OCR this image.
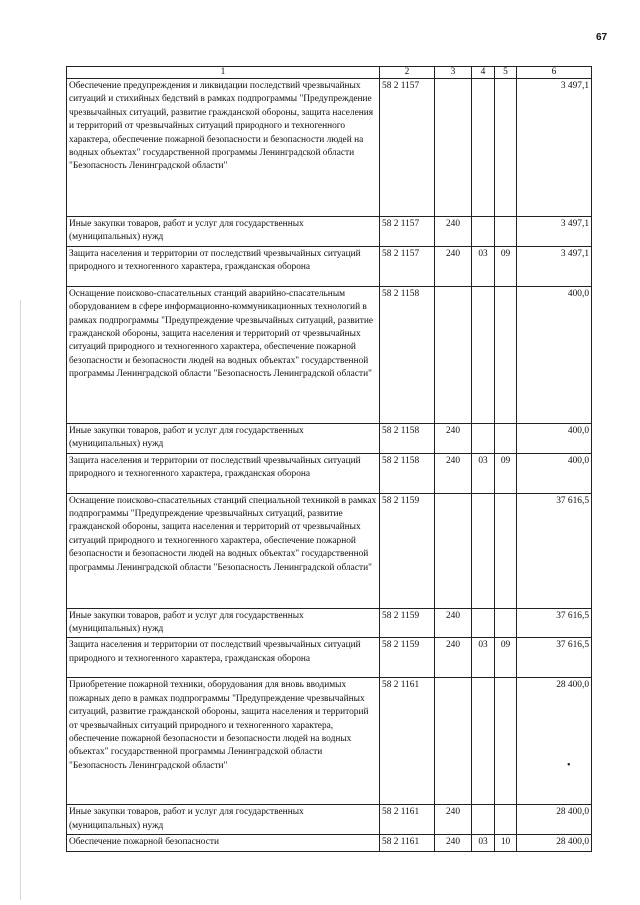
67
1	2	3	4	5	6
Обеспечение предупреждения и ликвидации последствий чрезвычайных ситуаций и стихийных бедствий в рамках подпрограммы "Предупреждение чрезвычайных ситуаций, развитие гражданской обороны, защита населения и территорий от чрезвычайных ситуаций природного и техногенного характера, обеспечение пожарной безопасности и безопасности людей на водных объектах" государственной программы Ленинградской области "Безопасность Ленинградской области"	58 2 1157				3 497,1
Иные закупки товаров, работ и услуг для государственных (муниципальных) нужд	58 2 1157	240			3 497,1
Защита населения и территории от последствий чрезвычайных ситуаций природного и техногенного характера, гражданская оборона	58 2 1157	240	03	09	3 497,1
Оснащение поисково-спасательных станций аварийно-спасательным оборудованием в сфере информационно-коммуникационных технологий в рамках подпрограммы "Предупреждение чрезвычайных ситуаций, развитие гражданской обороны, защита населения и территорий от чрезвычайных ситуаций природного и техногенного характера, обеспечение пожарной безопасности и безопасности людей на водных объектах" государственной программы Ленинградской области "Безопасность Ленинградской области"	58 2 1158				400,0
Иные закупки товаров, работ и услуг для государственных (муниципальных) нужд	58 2 1158	240			400,0
Защита населения и территории от последствий чрезвычайных ситуаций природного и техногенного характера, гражданская оборона	58 2 1158	240	03	09	400,0
Оснащение поисково-спасательных станций специальной техникой в рамках подпрограммы "Предупреждение чрезвычайных ситуаций, развитие гражданской обороны, защита населения и территорий от чрезвычайных ситуаций природного и техногенного характера, обеспечение пожарной безопасности и безопасности людей на водных объектах" государственной программы Ленинградской области "Безопасность Ленинградской области"	58 2 1159				37 616,5
Иные закупки товаров, работ и услуг для государственных (муниципальных) нужд	58 2 1159	240			37 616,5
Защита населения и территории от последствий чрезвычайных ситуаций природного и техногенного характера, гражданская оборона	58 2 1159	240	03	09	37 616,5
Приобретение пожарной техники, оборудования для вновь вводимых пожарных депо в рамках подпрограммы "Предупреждение чрезвычайных ситуаций, развитие гражданской обороны, защита населения и территорий от чрезвычайных ситуаций природного и техногенного характера, обеспечение пожарной безопасности и безопасности людей на водных объектах" государственной программы Ленинградской области "Безопасность Ленинградской области"	58 2 1161				28 400,0
Иные закупки товаров, работ и услуг для государственных (муниципальных) нужд	58 2 1161	240			28 400,0
Обеспечение пожарной безопасности	58 2 1161	240	03	10	28 400,0
•
